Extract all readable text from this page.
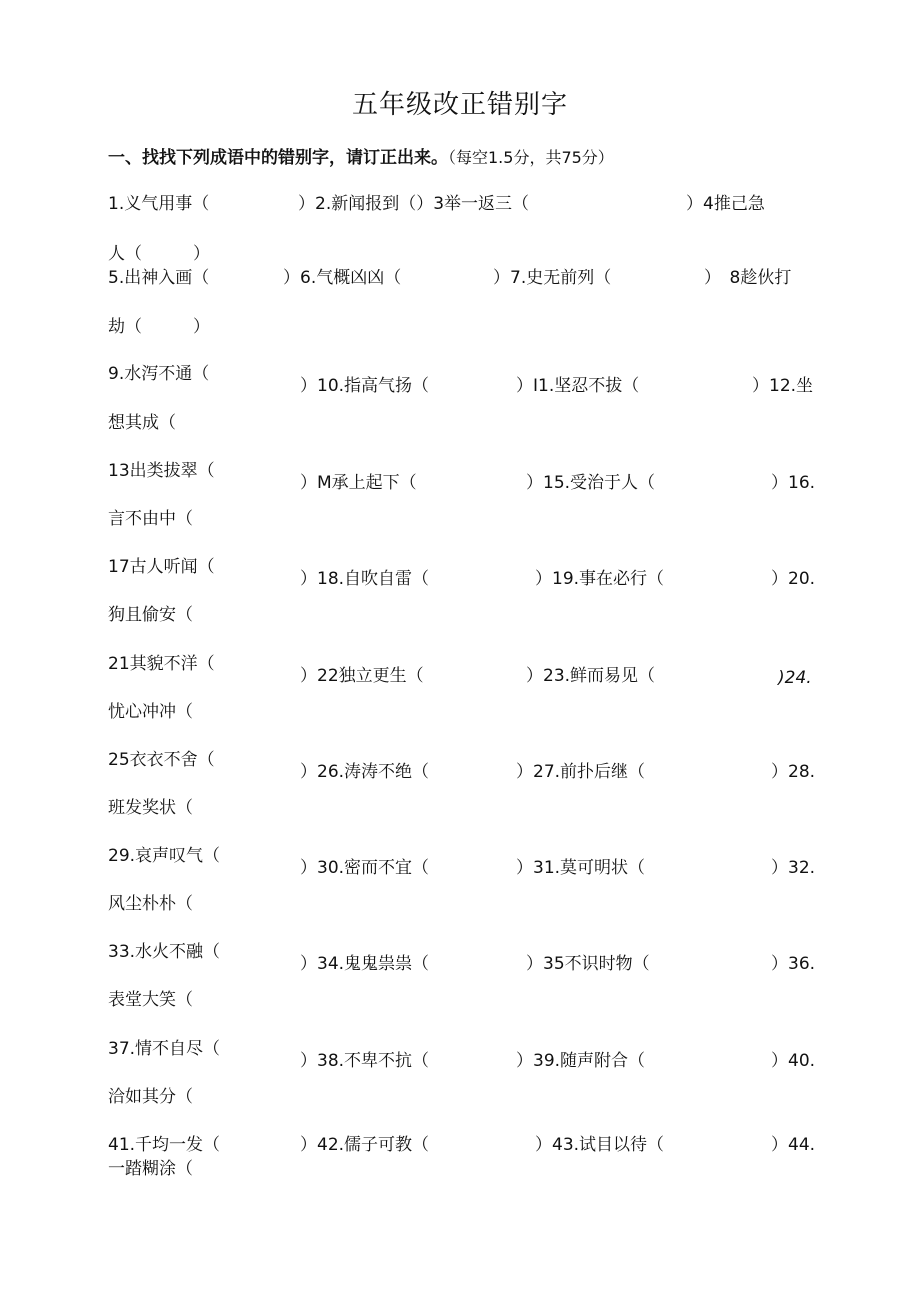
五年级改正错别字
一、找找下列成语中的错别字，请订正出来。（每空1.5分，共75分）
1.义气用事（	）2.新闻报到（）3举一返三（	）4推己急
人（　　　）
5.出神入画（	）6.气概凶凶（	）7.史无前列（	）　8趁伙打
劫（　　　）
9.水泻不通（
）10.指高气扬（	）I1.坚忍不拔（	）12.坐
想其成（
13出类拔翠（
）M承上起下（	）15.受治于人（	）16.
言不由中（
17古人听闻（
）18.自吹自雷（	）19.事在必行（	）20.
狗且偷安（
21其貌不洋（
）22独立更生（	）23.鲜而易见（	)24.
忧心冲冲（
25衣衣不舍（
）26.涛涛不绝（	）27.前扑后继（	）28.
班发奖状（
29.哀声叹气（
）30.密而不宜（	）31.莫可明状（	）32.
风尘朴朴（
33.水火不融（
）34.鬼鬼祟祟（	）35不识时物（	）36.
表堂大笑（
37.情不自尽（
）38.不卑不抗（	）39.随声附合（	）40.
洽如其分（
41.千均一发（	）42.儒子可教（	）43.试目以待（	）44.
一踏糊涂（
